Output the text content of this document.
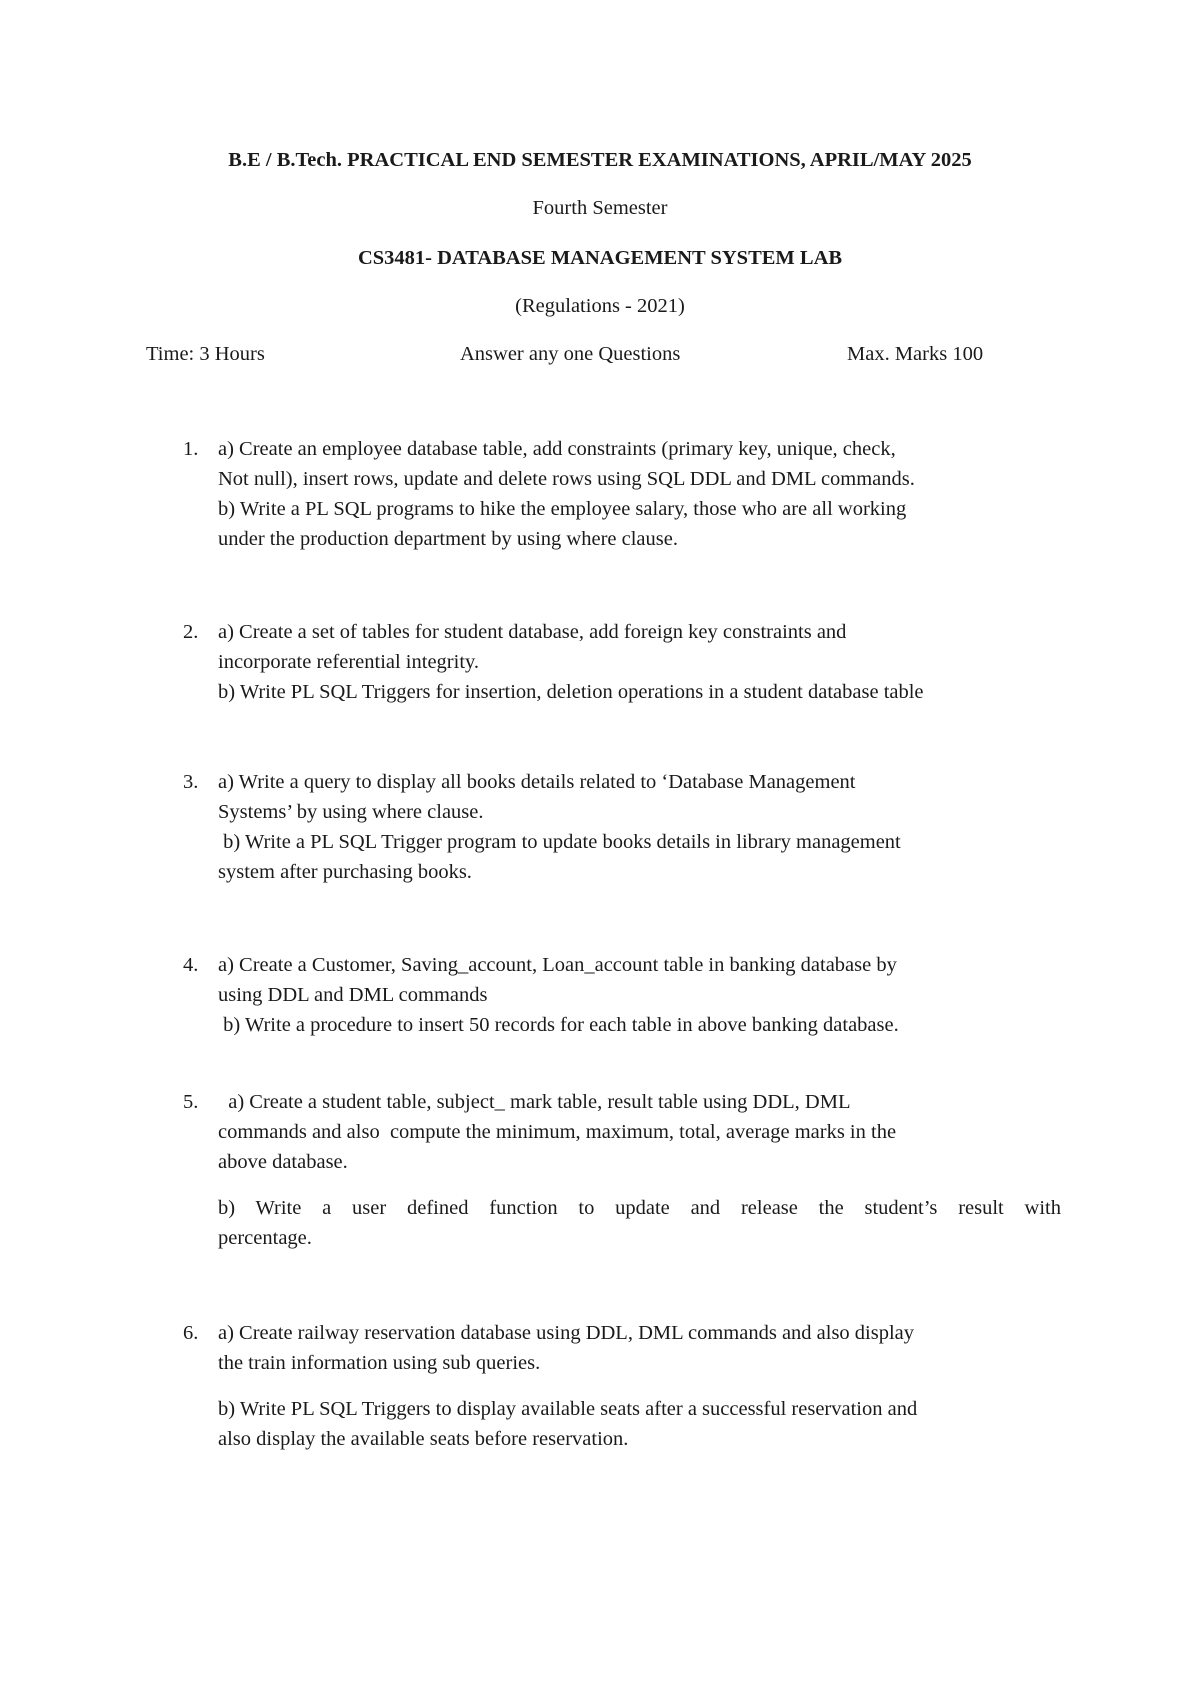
B.E / B.Tech. PRACTICAL END SEMESTER EXAMINATIONS, APRIL/MAY 2025
Fourth Semester
CS3481- DATABASE MANAGEMENT SYSTEM LAB
(Regulations - 2021)
Time: 3 Hours	Answer any one Questions	Max. Marks 100
1. a) Create an employee database table, add constraints (primary key, unique, check,
Not null), insert rows, update and delete rows using SQL DDL and DML commands.
b) Write a PL SQL programs to hike the employee salary, those who are all working
under the production department by using where clause.
2. a) Create a set of tables for student database, add foreign key constraints and
incorporate referential integrity.
b) Write PL SQL Triggers for insertion, deletion operations in a student database table
3. a) Write a query to display all books details related to ‘Database Management
Systems’ by using where clause.
b) Write a PL SQL Trigger program to update books details in library management
system after purchasing books.
4. a) Create a Customer, Saving_account, Loan_account table in banking database by
using DDL and DML commands
b) Write a procedure to insert 50 records for each table in above banking database.
5. a) Create a student table, subject_ mark table, result table using DDL, DML
commands and also  compute the minimum, maximum, total, average marks in the
above database.
b) Write a user defined function to update and release the student’s result with
percentage.
6. a) Create railway reservation database using DDL, DML commands and also display
the train information using sub queries.
b) Write PL SQL Triggers to display available seats after a successful reservation and
also display the available seats before reservation.
